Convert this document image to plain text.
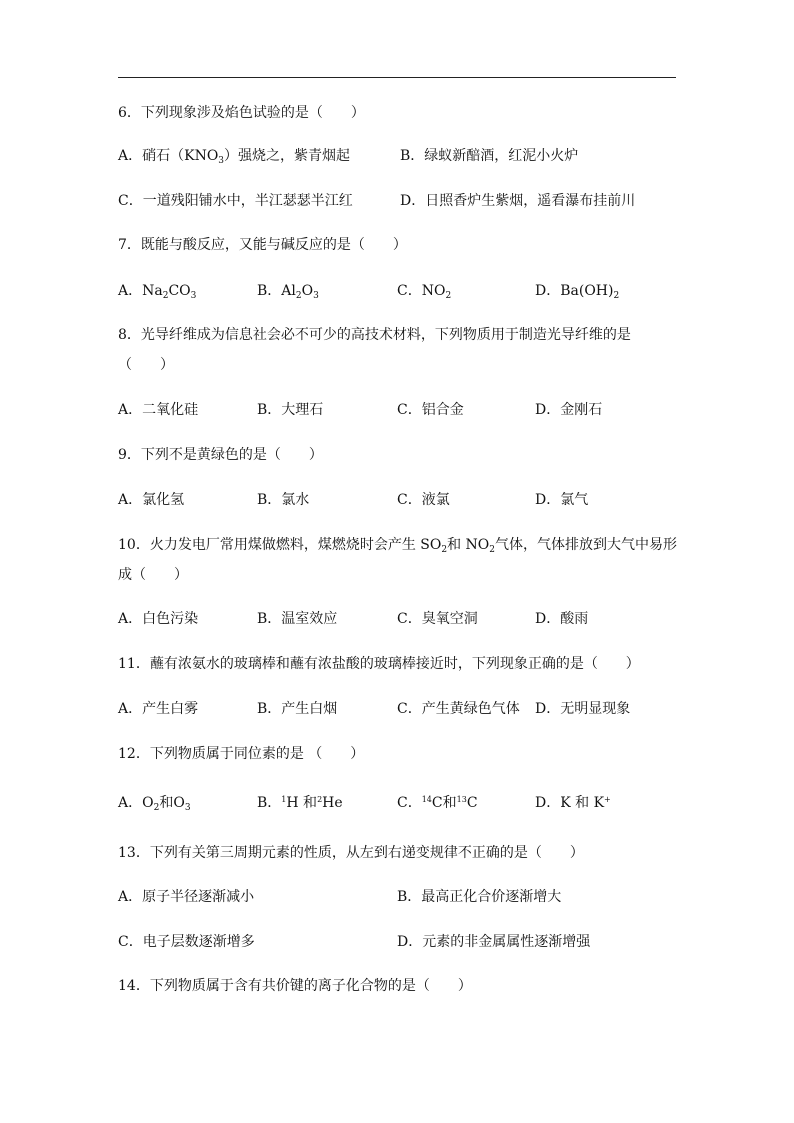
6．下列现象涉及焰色试验的是（　　）
A．硝石$(KNO_3)$强烧之，紫青烟起	B．绿蚁新醅酒，红泥小火炉
C．一道残阳铺水中，半江瑟瑟半江红	D．日照香炉生紫烟，遥看瀑布挂前川
7．既能与酸反应，又能与碱反应的是（　　）
A．$Na_2CO_3$	B．$Al_2O_3$	C．$NO_2$	D．$Ba(OH)_2$
8．光导纤维成为信息社会必不可少的高技术材料，下列物质用于制造光导纤维的是
（　　）
A．二氧化硅	B．大理石	C．铝合金	D．金刚石
9．下列不是黄绿色的是（　　）
A．氯化氢	B．氯水	C．液氯	D．氯气
10．火力发电厂常用煤做燃料，煤燃烧时会产生 $SO_2$和 $NO_2$气体，气体排放到大气中易形
成（　　）
A．白色污染	B．温室效应	C．臭氧空洞	D．酸雨
11．蘸有浓氨水的玻璃棒和蘸有浓盐酸的玻璃棒接近时，下列现象正确的是（　　）
A．产生白雾	B．产生白烟	C．产生黄绿色气体 D．无明显现象
12．下列物质属于同位素的是 （　　）
A．$O_2$和$O_3$	B．$^1$H 和$^2$He	C．$^{14}$C和$^{13}$C	D．K 和 K+
13．下列有关第三周期元素的性质，从左到右递变规律不正确的是（　　）
A．原子半径逐渐减小	B．最高正化合价逐渐增大
C．电子层数逐渐增多	D．元素的非金属属性逐渐增强
14．下列物质属于含有共价键的离子化合物的是（　　）
